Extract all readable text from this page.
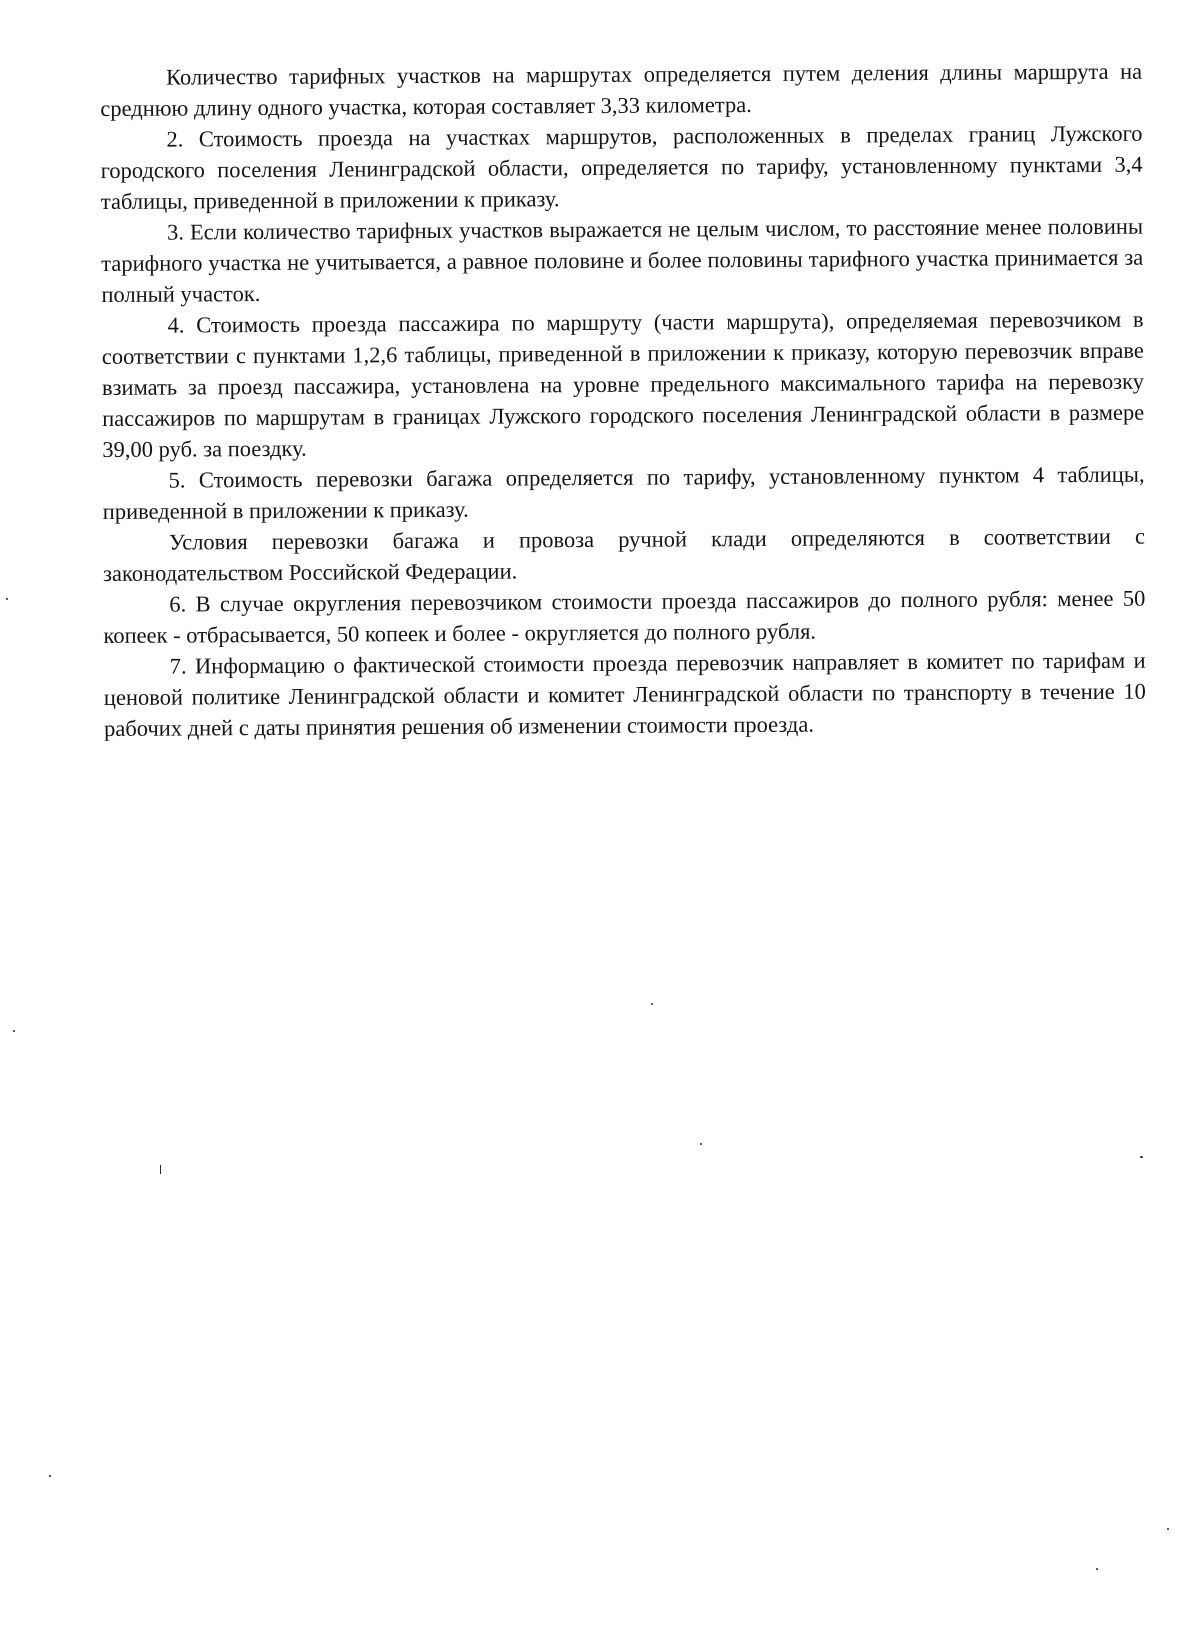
Количество тарифных участков на маршрутах определяется путем деления длины маршрута на среднюю длину одного участка, которая составляет 3,33 километра.

2. Стоимость проезда на участках маршрутов, расположенных в пределах границ Лужского городского поселения Ленинградской области, определяется по тарифу, установленному пунктами 3,4 таблицы, приведенной в приложении к приказу.

3. Если количество тарифных участков выражается не целым числом, то расстояние менее половины тарифного участка не учитывается, а равное половине и более половины тарифного участка принимается за полный участок.

4. Стоимость проезда пассажира по маршруту (части маршрута), определяемая перевозчиком в соответствии с пунктами 1,2,6 таблицы, приведенной в приложении к приказу, которую перевозчик вправе взимать за проезд пассажира, установлена на уровне предельного максимального тарифа на перевозку пассажиров по маршрутам в границах Лужского городского поселения Ленинградской области в размере 39,00 руб. за поездку.

5. Стоимость перевозки багажа определяется по тарифу, установленному пунктом 4 таблицы, приведенной в приложении к приказу.

Условия перевозки багажа и провоза ручной клади определяются в соответствии с законодательством Российской Федерации.

6. В случае округления перевозчиком стоимости проезда пассажиров до полного рубля: менее 50 копеек - отбрасывается, 50 копеек и более - округляется до полного рубля.

7. Информацию о фактической стоимости проезда перевозчик направляет в комитет по тарифам и ценовой политике Ленинградской области и комитет Ленинградской области по транспорту в течение 10 рабочих дней с даты принятия решения об изменении стоимости проезда.
